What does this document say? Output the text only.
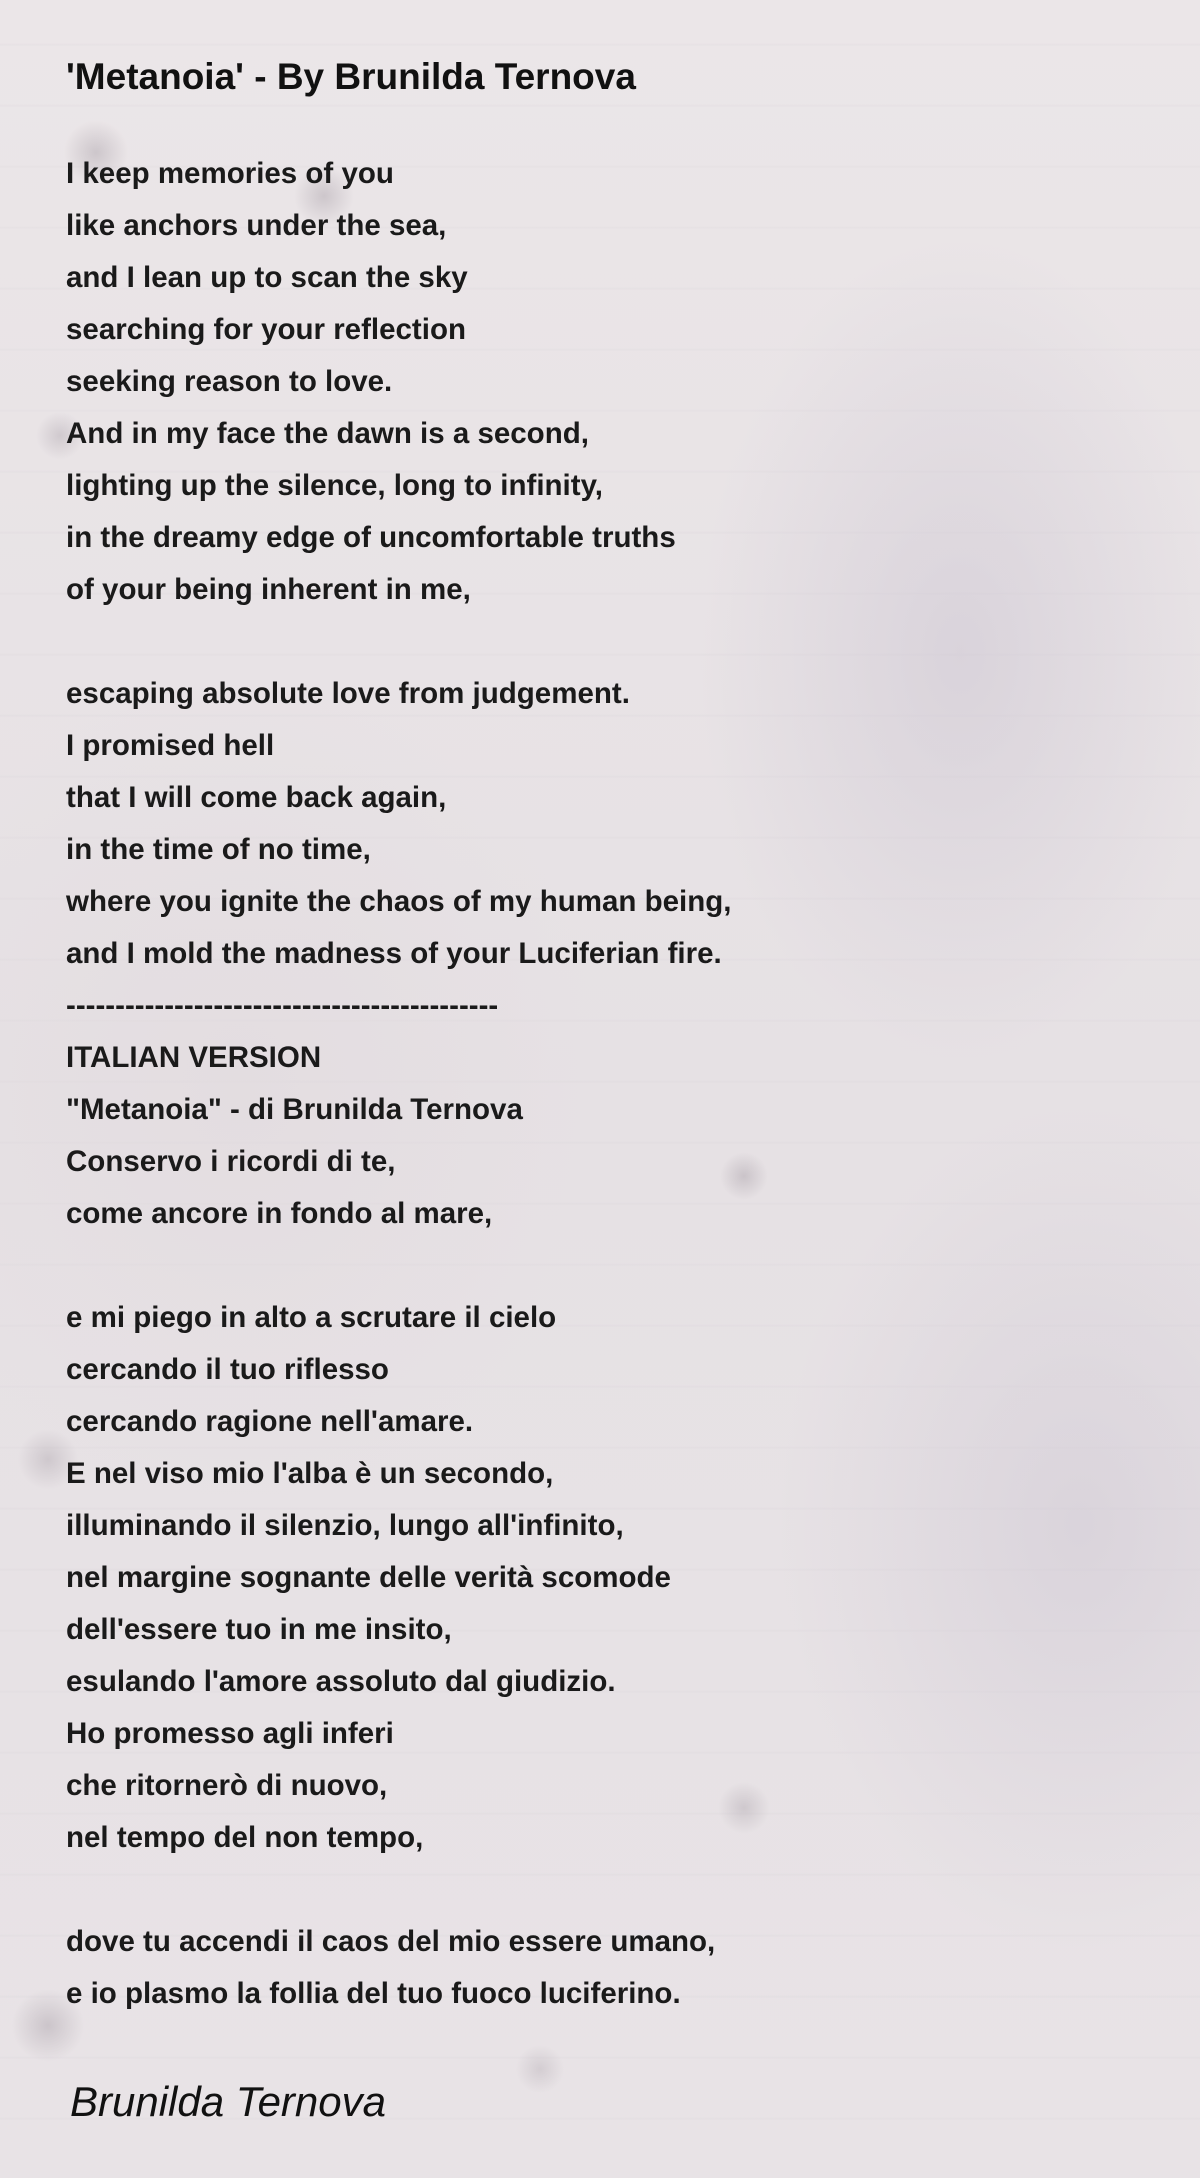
'Metanoia' - By Brunilda Ternova
I keep memories of you
like anchors under the sea,
and I lean up to scan the sky
searching for your reflection
seeking reason to love.
And in my face the dawn is a second,
lighting up the silence, long to infinity,
in the dreamy edge of uncomfortable truths
of your being inherent in me,
escaping absolute love from judgement.
I promised hell
that I will come back again,
in the time of no time,
where you ignite the chaos of my human being,
and I mold the madness of your Luciferian fire.
--------------------------------------------
ITALIAN VERSION
"Metanoia" - di Brunilda Ternova
Conservo i ricordi di te,
come ancore in fondo al mare,
e mi piego in alto a scrutare il cielo
cercando il tuo riflesso
cercando ragione nell'amare.
E nel viso mio l'alba è un secondo,
illuminando il silenzio, lungo all'infinito,
nel margine sognante delle verità scomode
dell'essere tuo in me insito,
esulando l'amore assoluto dal giudizio.
Ho promesso agli inferi
che ritornerò di nuovo,
nel tempo del non tempo,
dove tu accendi il caos del mio essere umano,
e io plasmo la follia del tuo fuoco luciferino.

Brunilda Ternova
